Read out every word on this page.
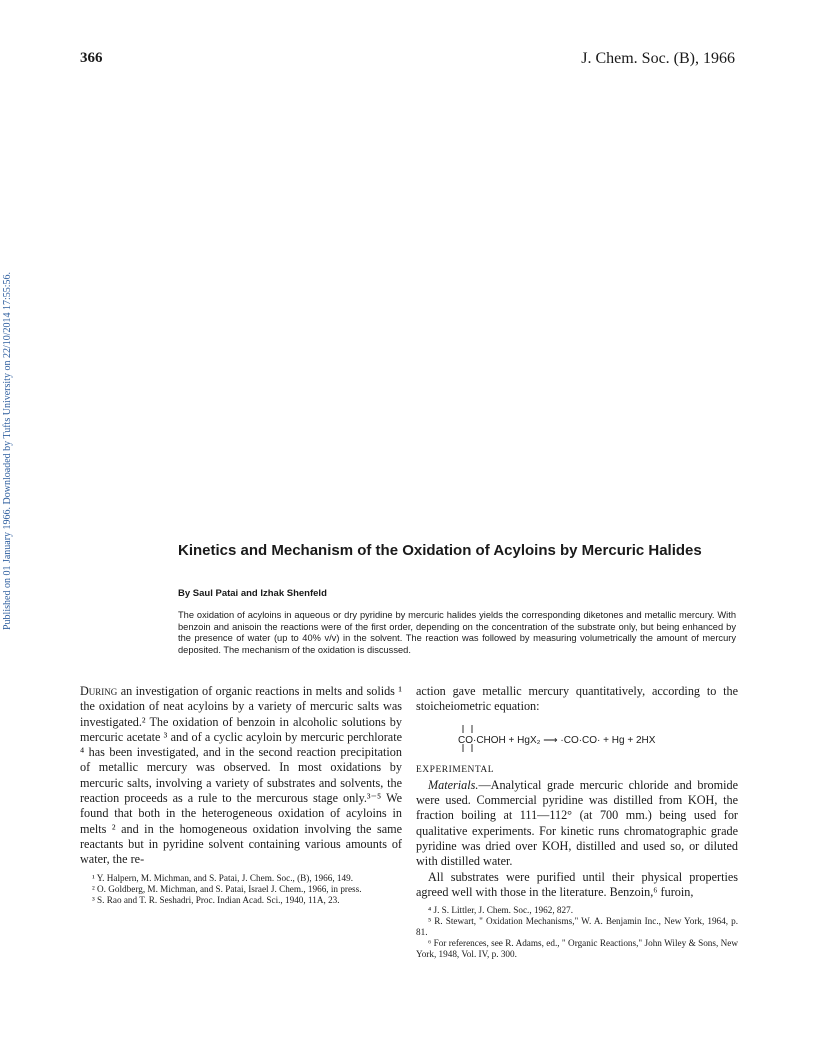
366	J. Chem. Soc. (B), 1966
Published on 01 January 1966. Downloaded by Tufts University on 22/10/2014 17:55:56.	Kinetics and Mechanism of the Oxidation of Acyloins by Mercuric Halides
By Saul Patai and Izhak Shenfeld
The oxidation of acyloins in aqueous or dry pyridine by mercuric halides yields the corresponding diketones and metallic mercury. With benzoin and anisoin the reactions were of the first order, depending on the concentration of the substrate only, but being enhanced by the presence of water (up to 40% v/v) in the solvent. The reaction was followed by measuring volumetrically the amount of mercury deposited. The mechanism of the oxidation is discussed.

During an investigation of organic reactions in melts and solids ¹ the oxidation of neat acyloins by a variety of mercuric salts was investigated.² The oxidation of benzoin in alcoholic solutions by mercuric acetate ³ and of a cyclic acyloin by mercuric perchlorate ⁴ has been investigated, and in the second reaction precipitation of metallic mercury was observed. In most oxidations by mercuric salts, involving a variety of substrates and solvents, the reaction proceeds as a rule to the mercurous stage only.³⁻⁵ We found that both in the heterogeneous oxidation of acyloins in melts ² and in the homogeneous oxidation involving the same reactants but in pyridine solvent containing various amounts of water, the re-

¹ Y. Halpern, M. Michman, and S. Patai, J. Chem. Soc., (B), 1966, 149.

² O. Goldberg, M. Michman, and S. Patai, Israel J. Chem., 1966, in press.

³ S. Rao and T. R. Seshadri, Proc. Indian Acad. Sci., 1940, 11A, 23.

action gave metallic mercury quantitatively, according to the stoicheiometric equation:

CO·CHOH + HgX₂ ⟶ ·CO·CO· + Hg + 2HX

EXPERIMENTAL

Materials.—Analytical grade mercuric chloride and bromide were used. Commercial pyridine was distilled from KOH, the fraction boiling at 111—112° (at 700 mm.) being used for qualitative experiments. For kinetic runs chromatographic grade pyridine was dried over KOH, distilled and used so, or diluted with distilled water.

All substrates were purified until their physical properties agreed well with those in the literature. Benzoin,⁶ furoin,

⁴ J. S. Littler, J. Chem. Soc., 1962, 827.

⁵ R. Stewart, " Oxidation Mechanisms," W. A. Benjamin Inc., New York, 1964, p. 81.

⁶ For references, see R. Adams, ed., " Organic Reactions," John Wiley & Sons, New York, 1948, Vol. IV, p. 300.
